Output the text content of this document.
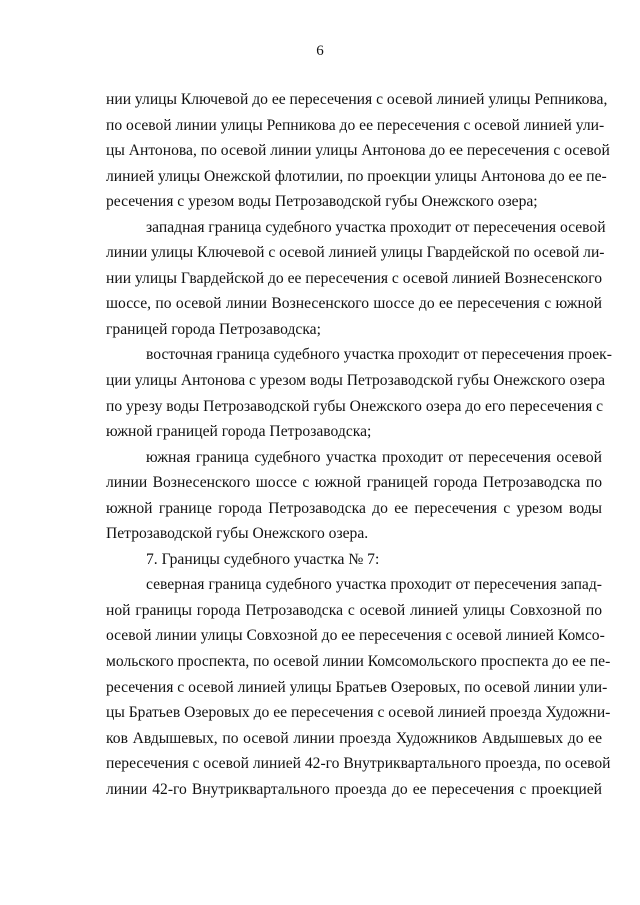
6
нии улицы Ключевой до ее пересечения с осевой линией улицы Репникова,
по осевой линии улицы Репникова до ее пересечения с осевой линией ули-
цы Антонова, по осевой линии улицы Антонова до ее пересечения с осевой
линией улицы Онежской флотилии, по проекции улицы Антонова до ее пе-
ресечения с урезом воды Петрозаводской губы Онежского озера;
западная граница судебного участка проходит от пересечения осевой
линии улицы Ключевой с осевой линией улицы Гвардейской по осевой ли-
нии улицы Гвардейской до ее пересечения с осевой линией Вознесенского
шоссе, по осевой линии Вознесенского шоссе до ее пересечения с южной
границей города Петрозаводска;
восточная граница судебного участка проходит от пересечения проек-
ции улицы Антонова с урезом воды Петрозаводской губы Онежского озера
по урезу воды Петрозаводской губы Онежского озера до его пересечения с
южной границей города Петрозаводска;
южная граница судебного участка проходит от пересечения осевой
линии Вознесенского шоссе с южной границей города Петрозаводска по
южной границе города Петрозаводска до ее пересечения с урезом воды
Петрозаводской губы Онежского озера.
7. Границы судебного участка № 7:
северная граница судебного участка проходит от пересечения запад-
ной границы города Петрозаводска с осевой линией улицы Совхозной по
осевой линии улицы Совхозной до ее пересечения с осевой линией Комсо-
мольского проспекта, по осевой линии Комсомольского проспекта до ее пе-
ресечения с осевой линией улицы Братьев Озеровых, по осевой линии ули-
цы Братьев Озеровых до ее пересечения с осевой линией проезда Художни-
ков Авдышевых, по осевой линии проезда Художников Авдышевых до ее
пересечения с осевой линией 42-го Внутриквартального проезда, по осевой
линии 42-го Внутриквартального проезда до ее пересечения с проекцией
